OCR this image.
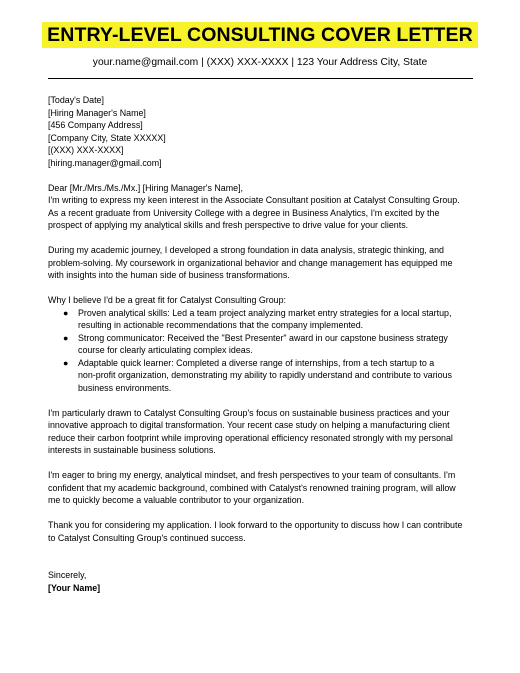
ENTRY-LEVEL CONSULTING COVER LETTER
your.name@gmail.com | (XXX) XXX-XXXX | 123 Your Address City, State

[Today's Date]

[Hiring Manager's Name]
[456 Company Address]
[Company City, State XXXXX]
[(XXX) XXX-XXXX]
[hiring.manager@gmail.com]

Dear [Mr./Mrs./Ms./Mx.] [Hiring Manager's Name],

I'm writing to express my keen interest in the Associate Consultant position at Catalyst Consulting Group.
As a recent graduate from University College with a degree in Business Analytics, I'm excited by the
prospect of applying my analytical skills and fresh perspective to drive value for your clients.
During my academic journey, I developed a strong foundation in data analysis, strategic thinking, and
problem-solving. My coursework in organizational behavior and change management has equipped me
with insights into the human side of business transformations.

Why I believe I'd be a great fit for Catalyst Consulting Group:

● Proven analytical skills: Led a team project analyzing market entry strategies for a local startup,
resulting in actionable recommendations that the company implemented.
● Strong communicator: Received the "Best Presenter" award in our capstone business strategy
course for clearly articulating complex ideas.
● Adaptable quick learner: Completed a diverse range of internships, from a tech startup to a
non-profit organization, demonstrating my ability to rapidly understand and contribute to various
business environments.
I'm particularly drawn to Catalyst Consulting Group's focus on sustainable business practices and your
innovative approach to digital transformation. Your recent case study on helping a manufacturing client
reduce their carbon footprint while improving operational efficiency resonated strongly with my personal
interests in sustainable business solutions.
I'm eager to bring my energy, analytical mindset, and fresh perspectives to your team of consultants. I'm
confident that my academic background, combined with Catalyst's renowned training program, will allow
me to quickly become a valuable contributor to your organization.
Thank you for considering my application. I look forward to the opportunity to discuss how I can contribute
to Catalyst Consulting Group's continued success.

Sincerely,

[Your Name]
